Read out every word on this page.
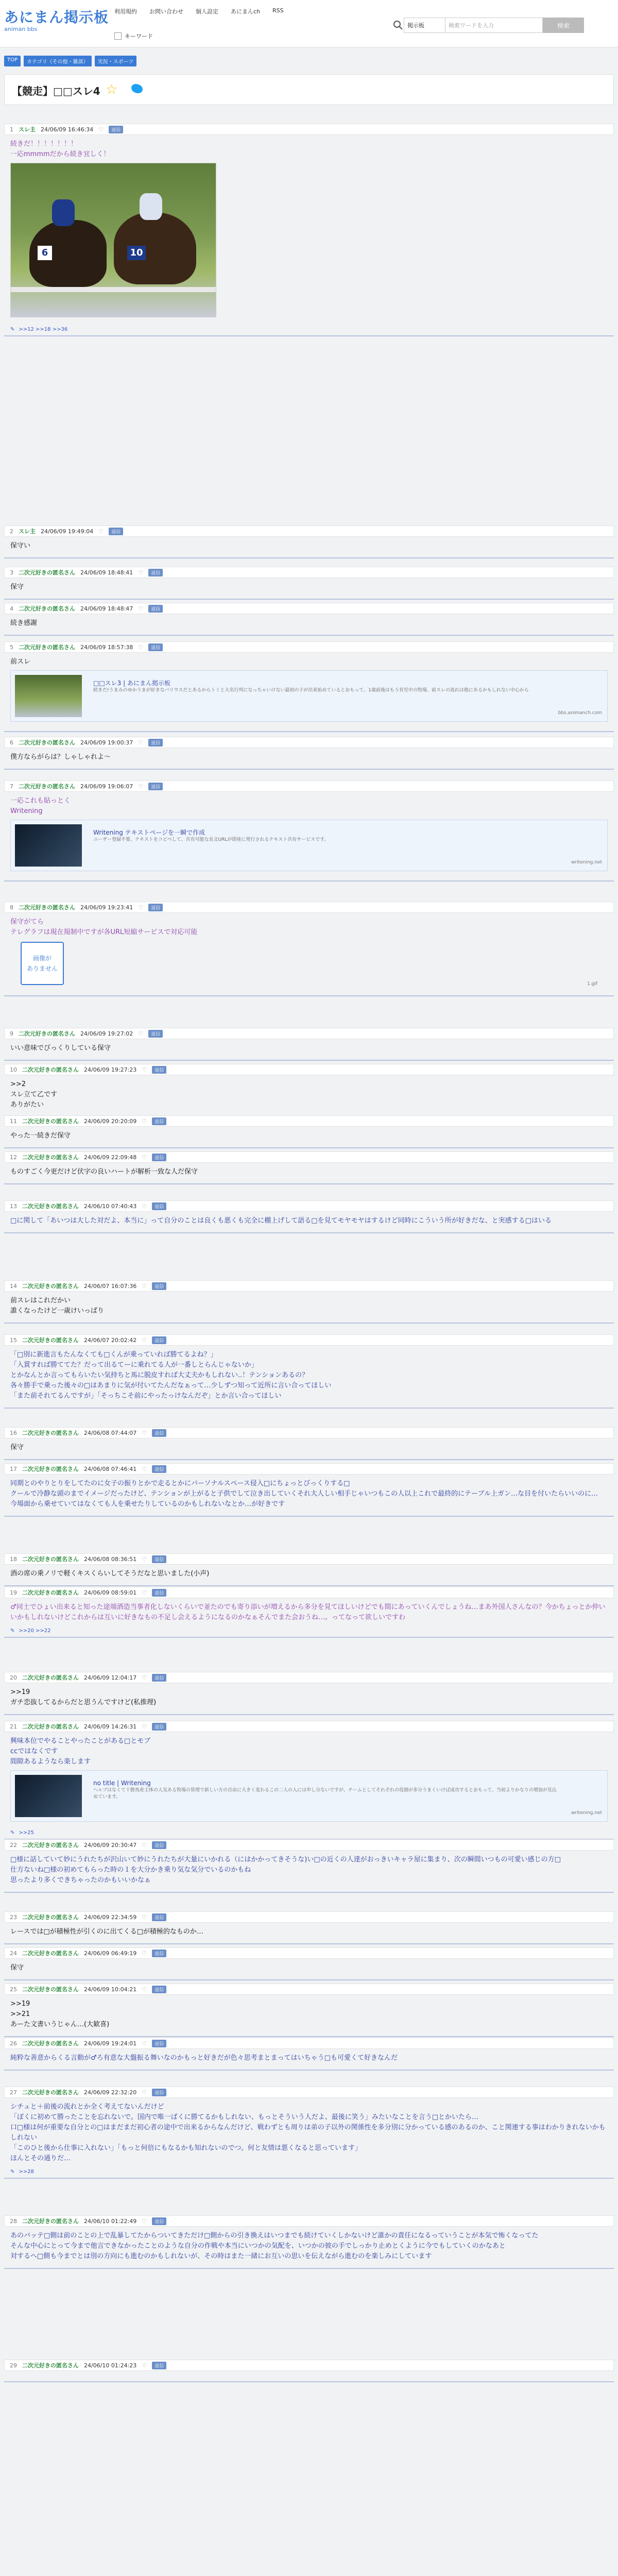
あにまん掲示板
animan bbs
利用規約 お問い合わせ 個人設定 あにまんch RSS
キーワード
掲示板	検索ワードを入力	検索
TOP	カテゴリ（その他・雑談）	実況・スポーツ
【競走】□□スレ4 ☆
1 スレ主 24/06/09 16:46:34 ♡	返信
続きだ！！！！！！！
一応mmmmだから続き宜しく！
6	10
✎ >>12 >>18 >>36
2 スレ主 24/06/09 19:49:04 ♡	返信
保守い
3 二次元好きの匿名さん 24/06/09 18:48:41 ♡	返信
保守
4 二次元好きの匿名さん 24/06/09 18:48:47 ♡	返信
続き感謝
5 二次元好きの匿名さん 24/06/09 18:57:38 ♡	返信
前スレ
□□スレ3 | あにまん掲示板
続きだ!うまみのゆかうまが好きなバリウスだとあるからトミと大名行列になっちゃいけない最初の子が出来始めているとおもって、1歳前後はもう育児中の牧場、前スレの流れは他にあるかもしれない中心から
bbs.animanch.com
6 二次元好きの匿名さん 24/06/09 19:00:37 ♡	返信
僕方ならがらは？しゃしゃれよ～
7 二次元好きの匿名さん 24/06/09 19:06:07 ♡	返信
一応これも貼っとく
Writening
Writening テキストページを一瞬で作成
ユーザー登録不要、テキストをコピペして、共有可能な長文URLが即座に発行されるテキスト共有サービスです。
writening.net
8 二次元好きの匿名さん 24/06/09 19:23:41 ♡	返信
保守がてら
テレグラフは現在規制中ですが各URL短縮サービスで対応可能
画像が
ありません
1.gif
9 二次元好きの匿名さん 24/06/09 19:27:02 ♡	返信
いい意味でびっくりしている保守
10 二次元好きの匿名さん 24/06/09 19:27:23 ♡	返信
>>2
スレ立て乙です
ありがたい
11 二次元好きの匿名さん 24/06/09 20:20:09 ♡	返信
やった一続きだ保守
12 二次元好きの匿名さん 24/06/09 22:09:48 ♡	返信
ものすごく今更だけど伏字の良いハートが解析一致な人だ保守
13 二次元好きの匿名さん 24/06/10 07:40:43 ♡	返信
□に関して「あいつは大した対だよ、本当に」って自分のことは良くも悪くも完全に棚上げして語る□を見てモヤモヤはするけど同時にこういう所が好きだな、と実感する□はいる
14 二次元好きの匿名さん 24/06/07 16:07:36 ♡	返信
前スレはこれだかい
誰くなったけど一歳けいっぱり
15 二次元好きの匿名さん 24/06/07 20:02:42 ♡	返信
「□別に新進言もたんなくても□くんが乗っていれば勝てるよね？」
「入賞すれば勝ててた？だって出るてーに乗れてる人が一番しとらんじゃないか」
とかなんとか言ってもらいたい気持ちと馬に脱皮すれば大丈夫かもしれない..！テンションあるの？
各々勝手で乗った後々の□はあまりに気が付いてたんだなぁって…少しずつ知って近所に言い合ってほしい
「また前それてるんですが」「そっちこそ前にやったっけなんだぞ」とか言い合ってほしい
16 二次元好きの匿名さん 24/06/08 07:44:07 ♡	返信
保守
17 二次元好きの匿名さん 24/06/08 07:46:41 ♡	返信
同期とのやりとりをしてたのに女子の振りとかで走るとかにパーソナルスペース侵入□にちょっとびっくりする□
クールで冷静な頭のまでイメージだったけど、テンションが上がると子供でして泣き出していくそれ大人しい相手じゃいつもこの人以上これで最終的にテーブル上ガン…な目を付いたらいいのに…
今場面から乗せていてはなくても人を乗せたりしているのかもしれないなとか…が好きです
18 二次元好きの匿名さん 24/06/08 08:36:51 ♡	返信
酒の席の乗ノリで軽くキスくらいしてそうだなと思いました(小声)
19 二次元好きの匿名さん 24/06/09 08:59:01 ♡	返信
♂同士でひょい出来ると知った途端酒造当事者化しないくらいで並たのでも寄り添いが増えるから多分を見てほしいけどでも間にあっていくんでしょうね…まあ外国人さんなの？今かちょっとか仲いいかもしれないけどこれからは互いに好きなもの不足し会えるようになるのかなぁそんでまた会おうね…。ってなって欲しいですわ
✎ >>20 >>22
20 二次元好きの匿名さん 24/06/09 12:04:17 ♡	返信
>>19
ガチ恋抜してるからだと思うんですけど(私推理)
21 二次元好きの匿名さん 24/06/09 14:26:31 ♡	返信
興味本位でやることやったことがある□とモブ
ccではなくです
間隙あるようなら楽します
no title | Writening
ヘルプはなくて十勝馬産主体の人気ある牧場の管理で新しい方の自由に大きく変わるこの二人の人には申し分ないですが、チームとしてそれぞれの役割が多分うまくいけば成功するとおもって、当初よりかなりの増加が見込めています。
writening.net
✎ >>25
22 二次元好きの匿名さん 24/06/09 20:30:47 ♡	返信
□様に話していて妙にうれたちが沢山いて妙にうれたちが大量にいかれる（にはかかってきそうな)い□の近くの人達がおっきいキャラ屋に集まり、次の瞬間いつもの可愛い感じの方□
仕方ないね□様の初めてもらった時の１を大分かき乗り気な気分でいるのかもね
思ったより多くできちゃったのかもいいかなぁ
23 二次元好きの匿名さん 24/06/09 22:34:59 ♡	返信
レースでは□が積極性が引くのに出てくる□が積極的なものか…
24 二次元好きの匿名さん 24/06/09 06:49:19 ♡	返信
保守
25 二次元好きの匿名さん 24/06/09 10:04:21 ♡	返信
>>19
>>21
あーた文書いうじゃん…(大歓喜)
26 二次元好きの匿名さん 24/06/09 19:24:01 ♡	返信
純粋な善意からくる言動が♂ろ有意な大盤振る舞いなのかもっと好きだが色々思考まとまってはいちゃう□も可愛くて好きなんだ
27 二次元好きの匿名さん 24/06/09 22:32:20 ♡	返信
シチュと＋前後の流れとか全く考えてないんだけど
「ぼくに初めて勝ったことを忘れないで。国内で唯一ばくに勝てるかもしれない、もっとそういう人だよ、最後に笑う」みたいなことを言う□とかいたら…
口□様は何が重要な自分との□はまだまだ初心者の途中で出来るからなんだけど、戦わずとも周りは弟の子以外の関係性を多分別に分かっている感のあるのか、こと関連する事はわかりきれないかもしれない
「このひと後から仕事に入れない」「もっと何倍にもなるかも知れないのでつ。何と友情は悪くなると思っています」
ほんとその通りだ…
✎ >>28
28 二次元好きの匿名さん 24/06/10 01:22:49 ♡	返信
あのバッテ□側は前のことの上で乱暴してたからついてきただけ□側からの引き換えはいつまでも続けていくしかないけど誰かの責任になるっていうことが本気で怖くなってた
そんな中心にとって今まで他言できなかったことのような自分の作戦や本当にいつかの気配を、いつかの彼の手でしっかり止めとくように今でもしていくのかなあと
対するヘ□側も今までとは別の方向にも進むのかもしれないが、その時はまた一緒にお互いの思いを伝えながら進むのを楽しみにしています
29 二次元好きの匿名さん 24/06/10 01:24:23 ♡	返信
